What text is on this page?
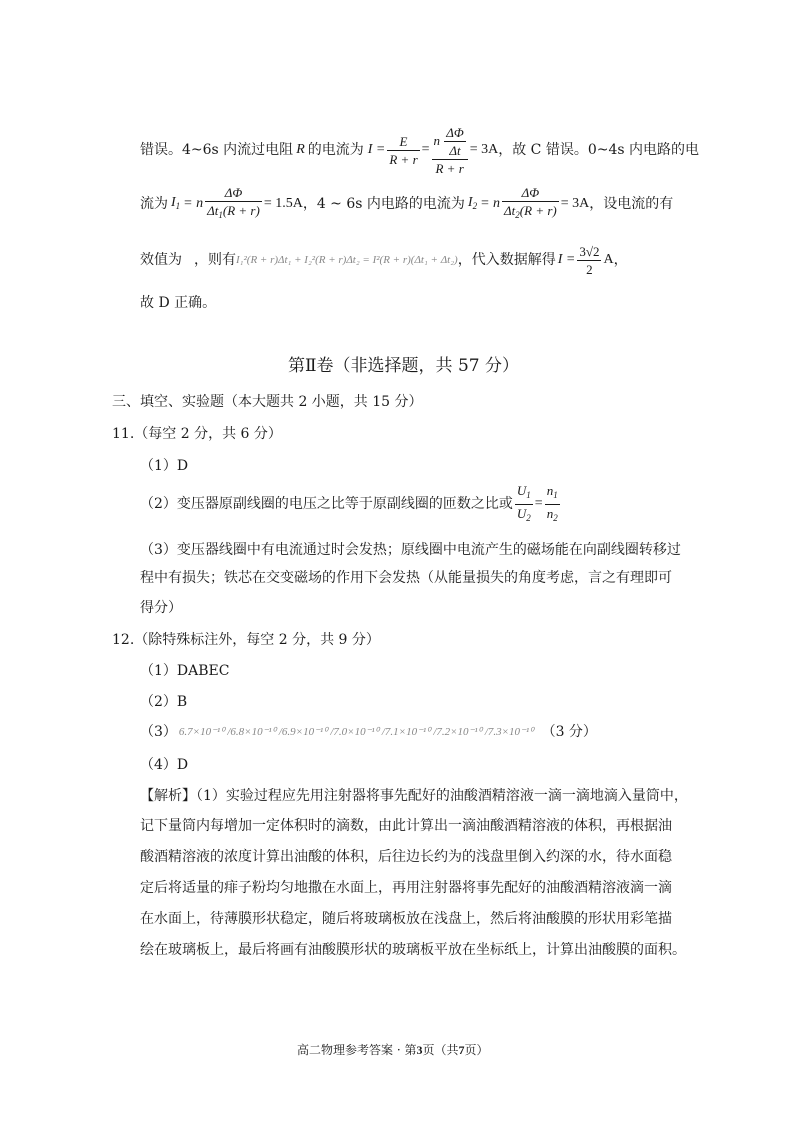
错误。4~6s 内流过电阻 R 的电流为 $I = \frac{E}{R + r} = \frac{n \frac{\Delta\Phi}{\Delta t}}{R + r} = 3A$ ，故 C 错误。0~4s 内电路的电
流为 $I_1 = n \frac{\Delta\Phi}{\Delta t_1(R + r)} = 1.5A$ ，4 ~ 6s 内电路的电流为 $I_2 = n \frac{\Delta\Phi}{\Delta t_2(R + r)} = 3A$ ，设电流的有
效值为 ，则有 I₁²(R + r)Δt₁ + I₂²(R + r)Δt₂ = I²(R + r)(Δt₁ + Δt₂) ，代入数据解得 $I = \frac{3√2}{2}$ A ，
故 D 正确。
第Ⅱ卷（非选择题，共 57 分）
三、填空、实验题（本大题共 2 小题，共 15 分）
11.（每空 2 分，共 6 分）
（1）D
（2）变压器原副线圈的电压之比等于原副线圈的匝数之比或 $\frac{U_1}{U_2} = \frac{n_1}{n_2}$
（3）变压器线圈中有电流通过时会发热；原线圈中电流产生的磁场能在向副线圈转移过
程中有损失；铁芯在交变磁场的作用下会发热（从能量损失的角度考虑，言之有理即可
得分）
12.（除特殊标注外，每空 2 分，共 9 分）
（1）DABEC
（2）B
（3） 6.7×10⁻¹⁰ /6.8×10⁻¹⁰ /6.9×10⁻¹⁰ /7.0×10⁻¹⁰ /7.1×10⁻¹⁰ /7.2×10⁻¹⁰ /7.3×10⁻¹⁰ （3 分）
（4）D
【解析】（1）实验过程应先用注射器将事先配好的油酸酒精溶液一滴一滴地滴入量筒中，
记下量筒内每增加一定体积时的滴数，由此计算出一滴油酸酒精溶液的体积，再根据油
酸酒精溶液的浓度计算出油酸的体积，后往边长约为的浅盘里倒入约深的水，待水面稳
定后将适量的痱子粉均匀地撒在水面上，再用注射器将事先配好的油酸酒精溶液滴一滴
在水面上，待薄膜形状稳定，随后将玻璃板放在浅盘上，然后将油酸膜的形状用彩笔描
绘在玻璃板上，最后将画有油酸膜形状的玻璃板平放在坐标纸上，计算出油酸膜的面积。
高二物理参考答案 · 第3页（共7页）
